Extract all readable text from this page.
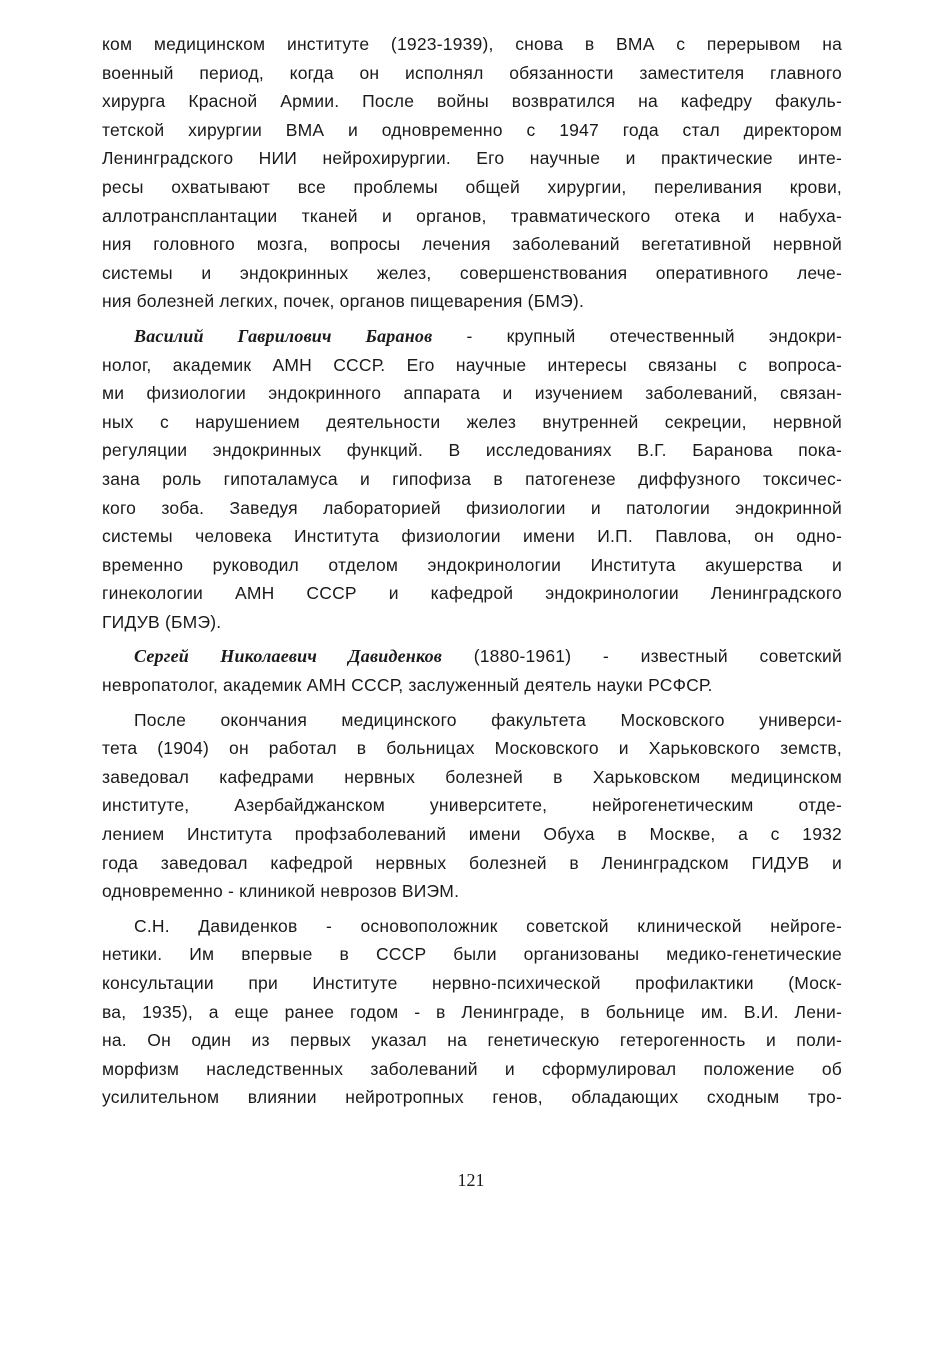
ком медицинском институте (1923-1939), снова в ВМА с перерывом на
военный период, когда он исполнял обязанности заместителя главного
хирурга Красной Армии. После войны возвратился на кафедру факуль-
тетской хирургии ВМА и одновременно с 1947 года стал директором
Ленинградского НИИ нейрохирургии. Его научные и практические инте-
ресы охватывают все проблемы общей хирургии, переливания крови,
аллотрансплантации тканей и органов, травматического отека и набуха-
ния головного мозга, вопросы лечения заболеваний вегетативной нервной
системы и эндокринных желез, совершенствования оперативного лече-
ния болезней легких, почек, органов пищеварения (БМЭ).
Василий Гаврилович Баранов - крупный отечественный эндокри-
нолог, академик АМН СССР. Его научные интересы связаны с вопроса-
ми физиологии эндокринного аппарата и изучением заболеваний, связан-
ных с нарушением деятельности желез внутренней секреции, нервной
регуляции эндокринных функций. В исследованиях В.Г. Баранова пока-
зана роль гипоталамуса и гипофиза в патогенезе диффузного токсичес-
кого зоба. Заведуя лабораторией физиологии и патологии эндокринной
системы человека Института физиологии имени И.П. Павлова, он одно-
временно руководил отделом эндокринологии Института акушерства и
гинекологии АМН СССР и кафедрой эндокринологии Ленинградского
ГИДУВ (БМЭ).
Сергей Николаевич Давиденков (1880-1961) - известный советский
невропатолог, академик АМН СССР, заслуженный деятель науки РСФСР.
После окончания медицинского факультета Московского универси-
тета (1904) он работал в больницах Московского и Харьковского земств,
заведовал кафедрами нервных болезней в Харьковском медицинском
институте, Азербайджанском университете, нейрогенетическим отде-
лением Института профзаболеваний имени Обуха в Москве, а с 1932
года заведовал кафедрой нервных болезней в Ленинградском ГИДУВ и
одновременно - клиникой неврозов ВИЭМ.
С.Н. Давиденков - основоположник советской клинической нейроге-
нетики. Им впервые в СССР были организованы медико-генетические
консультации при Институте нервно-психической профилактики (Моск-
ва, 1935), а еще ранее годом - в Ленинграде, в больнице им. В.И. Лени-
на. Он один из первых указал на генетическую гетерогенность и поли-
морфизм наследственных заболеваний и сформулировал положение об
усилительном влиянии нейротропных генов, обладающих сходным тро-
121
